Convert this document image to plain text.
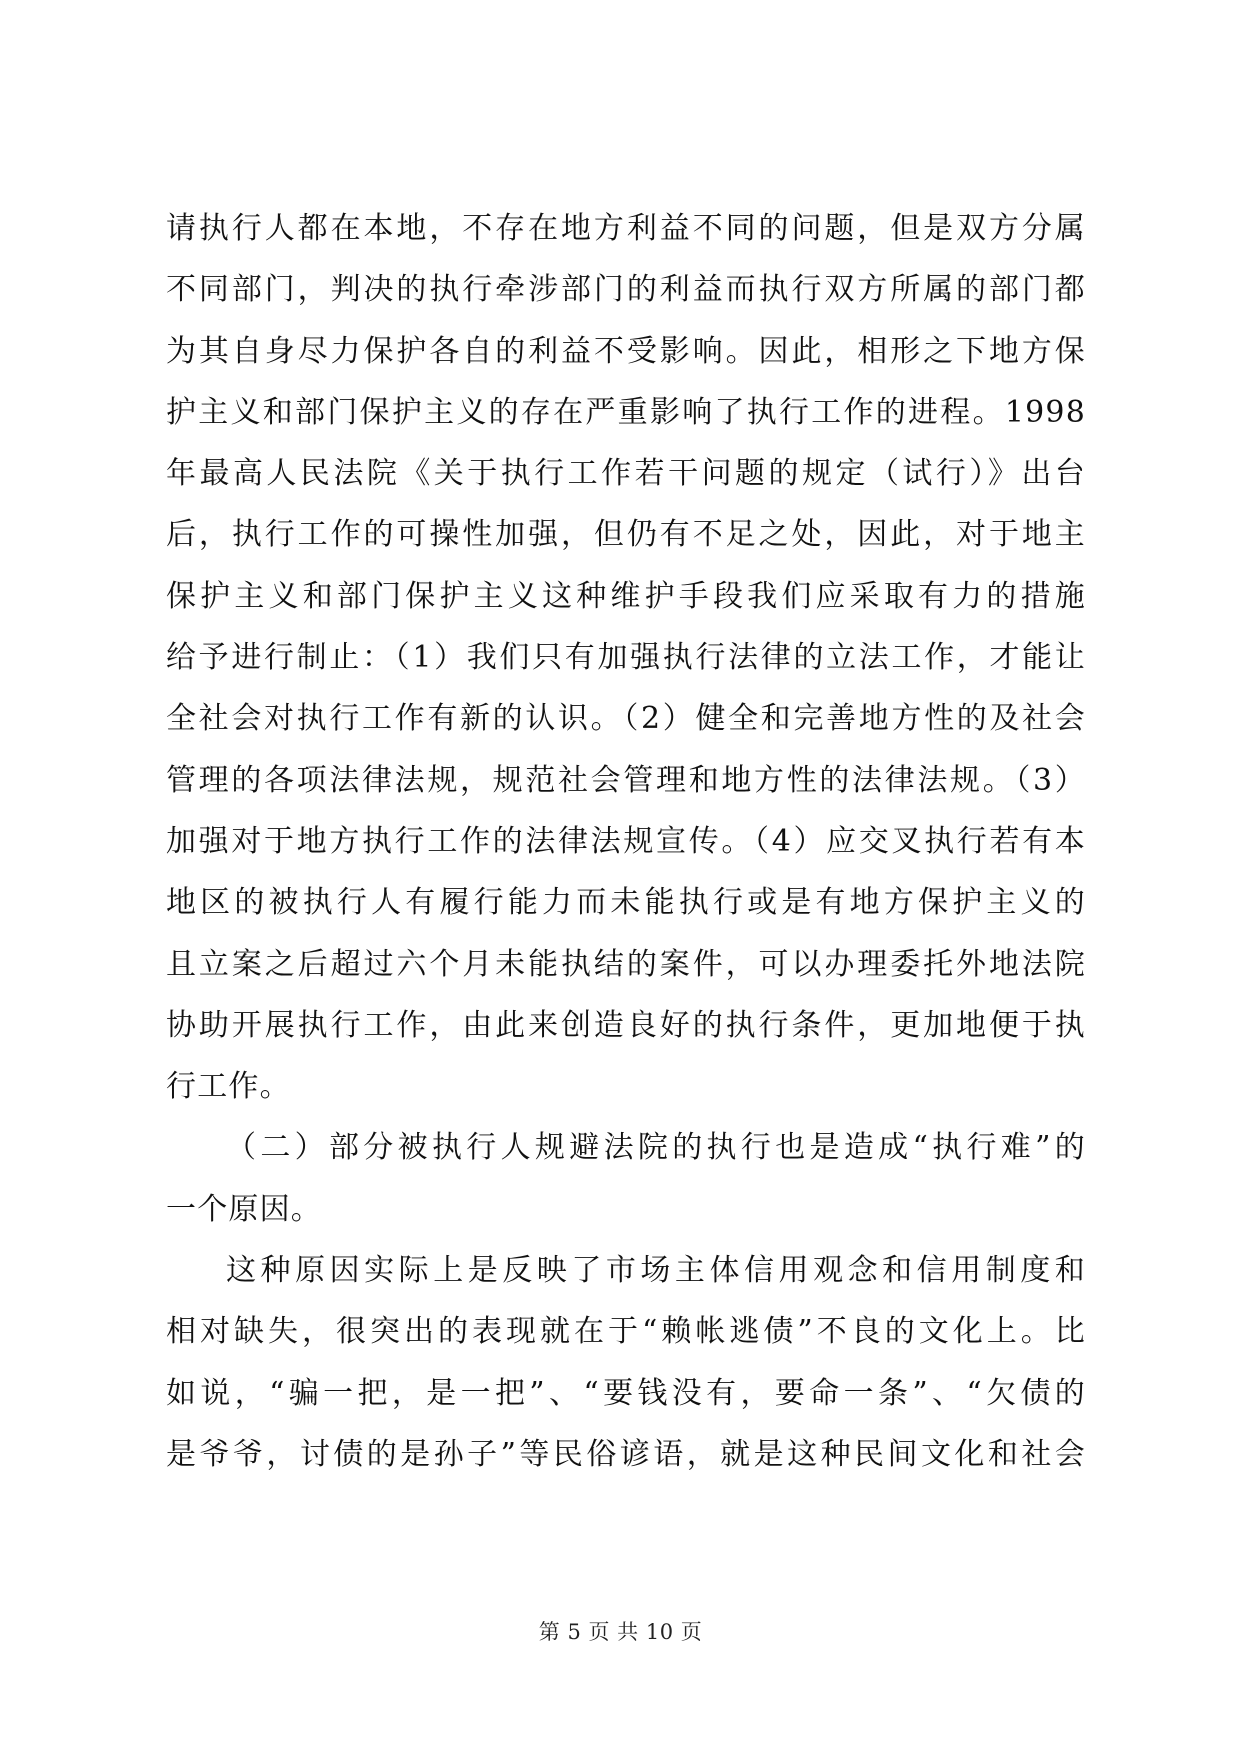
请执行人都在本地，不存在地方利益不同的问题，但是双方分属
不同部门，判决的执行牵涉部门的利益而执行双方所属的部门都
为其自身尽力保护各自的利益不受影响。因此，相形之下地方保
护主义和部门保护主义的存在严重影响了执行工作的进程。1998
年最高人民法院《关于执行工作若干问题的规定（试行）》出台
后，执行工作的可操性加强，但仍有不足之处，因此，对于地主
保护主义和部门保护主义这种维护手段我们应采取有力的措施
给予进行制止：（1）我们只有加强执行法律的立法工作，才能让
全社会对执行工作有新的认识。（2）健全和完善地方性的及社会
管理的各项法律法规，规范社会管理和地方性的法律法规。（3）
加强对于地方执行工作的法律法规宣传。（4）应交叉执行若有本
地区的被执行人有履行能力而未能执行或是有地方保护主义的
且立案之后超过六个月未能执结的案件，可以办理委托外地法院
协助开展执行工作，由此来创造良好的执行条件，更加地便于执
行工作。
（二）部分被执行人规避法院的执行也是造成“执行难”的
一个原因。
这种原因实际上是反映了市场主体信用观念和信用制度和
相对缺失，很突出的表现就在于“赖帐逃债”不良的文化上。比
如说，“骗一把，是一把”、“要钱没有，要命一条”、“欠债的
是爷爷，讨债的是孙子”等民俗谚语，就是这种民间文化和社会
第 5 页 共 10 页
